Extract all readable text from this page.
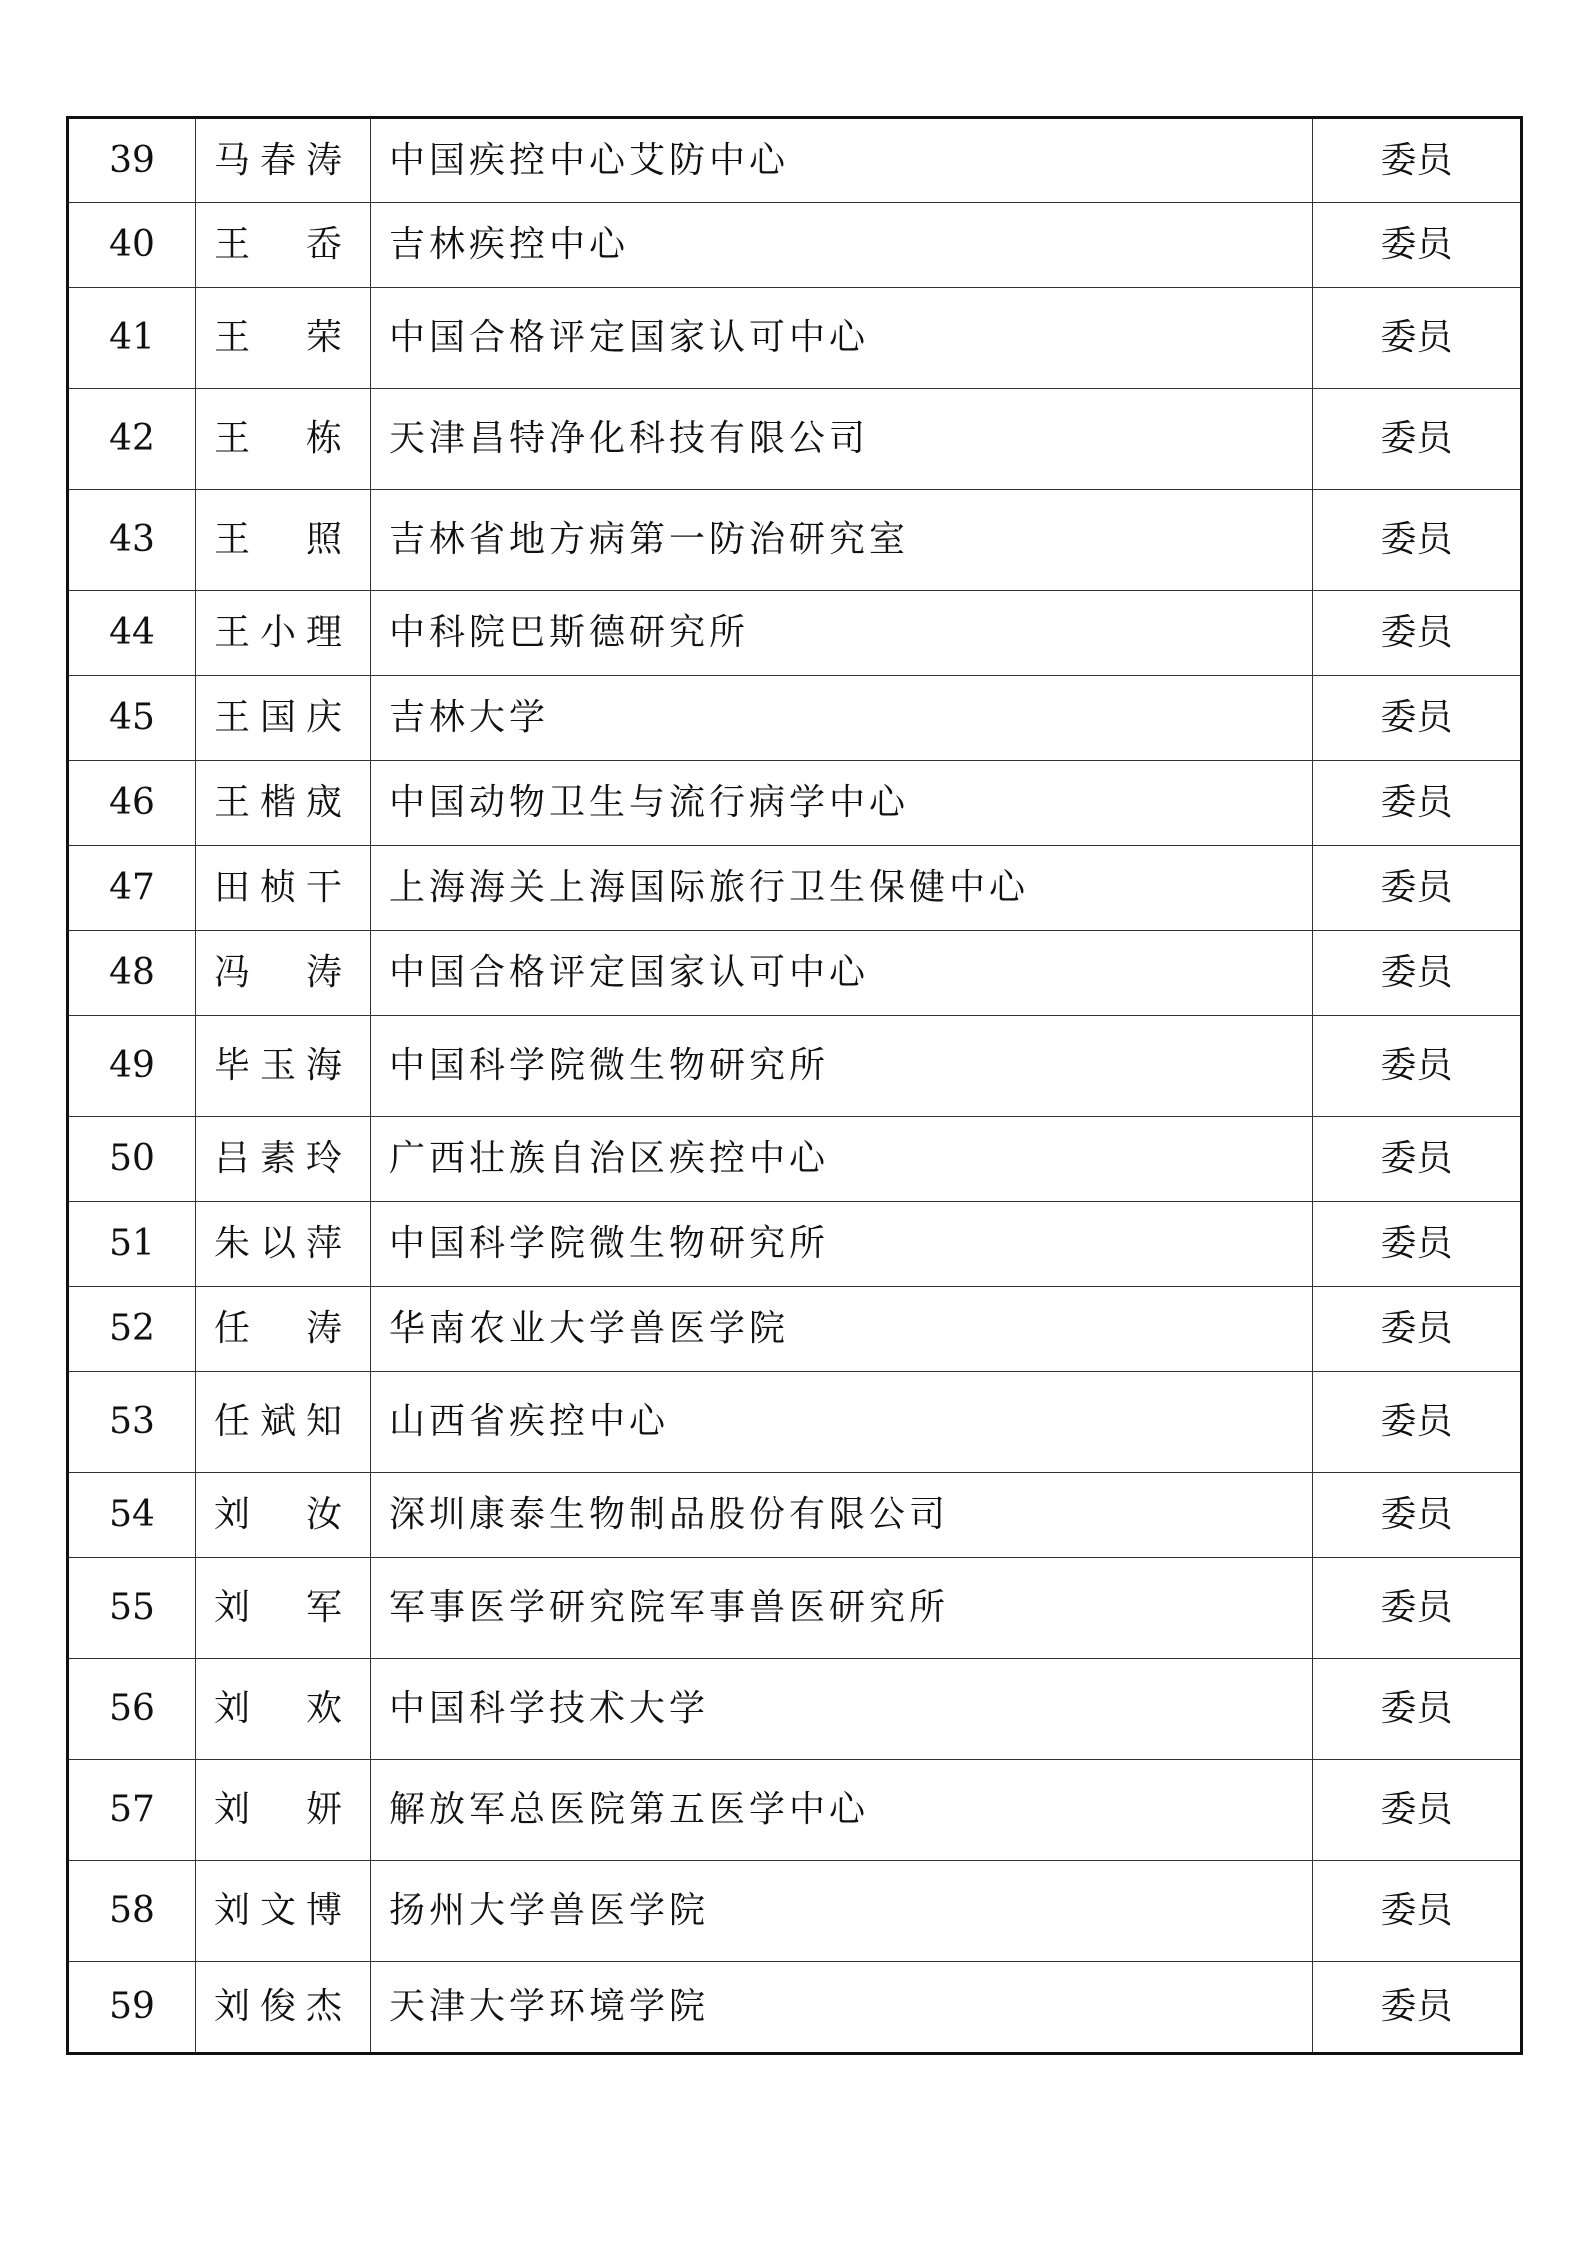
39	马春涛	中国疾控中心艾防中心	委员
40	王　岙	吉林疾控中心	委员
41	王　荣	中国合格评定国家认可中心	委员
42	王　栋	天津昌特净化科技有限公司	委员
43	王　照	吉林省地方病第一防治研究室	委员
44	王小理	中科院巴斯德研究所	委员
45	王国庆	吉林大学	委员
46	王楷宬	中国动物卫生与流行病学中心	委员
47	田桢干	上海海关上海国际旅行卫生保健中心	委员
48	冯　涛	中国合格评定国家认可中心	委员
49	毕玉海	中国科学院微生物研究所	委员
50	吕素玲	广西壮族自治区疾控中心	委员
51	朱以萍	中国科学院微生物研究所	委员
52	任　涛	华南农业大学兽医学院	委员
53	任斌知	山西省疾控中心	委员
54	刘　汝	深圳康泰生物制品股份有限公司	委员
55	刘　军	军事医学研究院军事兽医研究所	委员
56	刘　欢	中国科学技术大学	委员
57	刘　妍	解放军总医院第五医学中心	委员
58	刘文博	扬州大学兽医学院	委员
59	刘俊杰	天津大学环境学院	委员
